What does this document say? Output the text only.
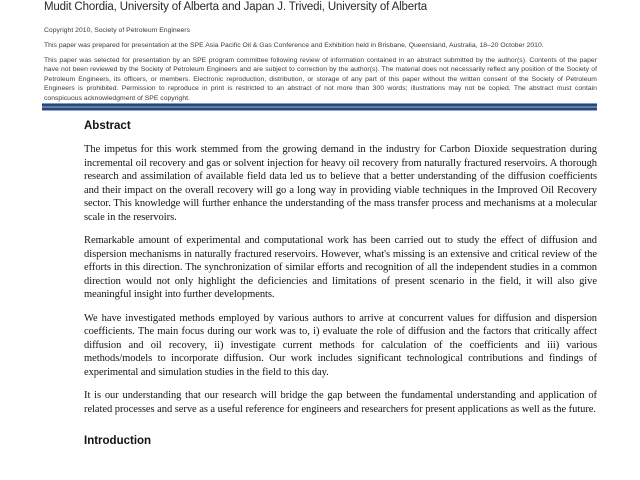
Mudit Chordia, University of Alberta and Japan J. Trivedi, University of Alberta
Copyright 2010, Society of Petroleum Engineers
This paper was prepared for presentation at the SPE Asia Pacific Oil & Gas Conference and Exhibition held in Brisbane, Queensland, Australia, 18–20 October 2010.
This paper was selected for presentation by an SPE program committee following review of information contained in an abstract submitted by the author(s). Contents of the paper have not been reviewed by the Society of Petroleum Engineers and are subject to correction by the author(s). The material does not necessarily reflect any position of the Society of Petroleum Engineers, its officers, or members. Electronic reproduction, distribution, or storage of any part of this paper without the written consent of the Society of Petroleum Engineers is prohibited. Permission to reproduce in print is restricted to an abstract of not more than 300 words; illustrations may not be copied. The abstract must contain conspicuous acknowledgment of SPE copyright.
Abstract

The impetus for this work stemmed from the growing demand in the industry for Carbon Dioxide sequestration during incremental oil recovery and gas or solvent injection for heavy oil recovery from naturally fractured reservoirs. A thorough research and assimilation of available field data led us to believe that a better understanding of the diffusion coefficients and their impact on the overall recovery will go a long way in providing viable techniques in the Improved Oil Recovery sector. This knowledge will further enhance the understanding of the mass transfer process and mechanisms at a molecular scale in the reservoirs.

Remarkable amount of experimental and computational work has been carried out to study the effect of diffusion and dispersion mechanisms in naturally fractured reservoirs. However, what's missing is an extensive and critical review of the efforts in this direction. The synchronization of similar efforts and recognition of all the independent studies in a common direction would not only highlight the deficiencies and limitations of present scenario in the field, it will also give meaningful insight into further developments.

We have investigated methods employed by various authors to arrive at concurrent values for diffusion and dispersion coefficients. The main focus during our work was to, i) evaluate the role of diffusion and the factors that critically affect diffusion and oil recovery, ii) investigate current methods for calculation of the coefficients and iii) various methods/models to incorporate diffusion. Our work includes significant technological contributions and findings of experimental and simulation studies in the field to this day.

It is our understanding that our research will bridge the gap between the fundamental understanding and application of related processes and serve as a useful reference for engineers and researchers for present applications as well as the future.

Introduction
